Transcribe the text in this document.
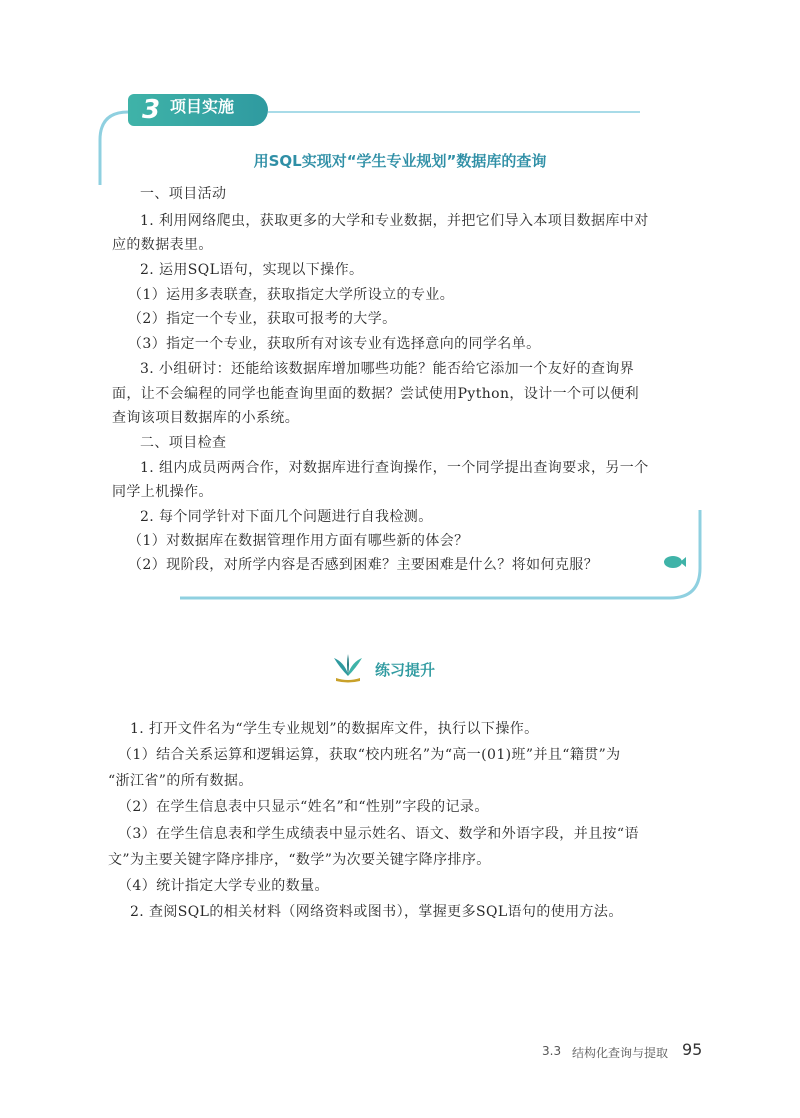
3 项目实施
用SQL实现对“学生专业规划”数据库的查询
一、项目活动
1. 利用网络爬虫，获取更多的大学和专业数据，并把它们导入本项目数据库中对
应的数据表里。
2. 运用SQL语句，实现以下操作。
（1）运用多表联查，获取指定大学所设立的专业。
（2）指定一个专业，获取可报考的大学。
（3）指定一个专业，获取所有对该专业有选择意向的同学名单。
3. 小组研讨：还能给该数据库增加哪些功能？能否给它添加一个友好的查询界
面，让不会编程的同学也能查询里面的数据？尝试使用Python，设计一个可以便利
查询该项目数据库的小系统。
二、项目检查
1. 组内成员两两合作，对数据库进行查询操作，一个同学提出查询要求，另一个
同学上机操作。
2. 每个同学针对下面几个问题进行自我检测。
（1）对数据库在数据管理作用方面有哪些新的体会？
（2）现阶段，对所学内容是否感到困难？主要困难是什么？将如何克服？
练习提升
1. 打开文件名为“学生专业规划”的数据库文件，执行以下操作。
（1）结合关系运算和逻辑运算，获取“校内班名”为“高一(01)班”并且“籍贯”为
“浙江省”的所有数据。
（2）在学生信息表中只显示“姓名”和“性别”字段的记录。
（3）在学生信息表和学生成绩表中显示姓名、语文、数学和外语字段，并且按“语
文”为主要关键字降序排序，“数学”为次要关键字降序排序。
（4）统计指定大学专业的数量。
2. 查阅SQL的相关材料（网络资料或图书），掌握更多SQL语句的使用方法。
3.3 结构化查询与提取 95
